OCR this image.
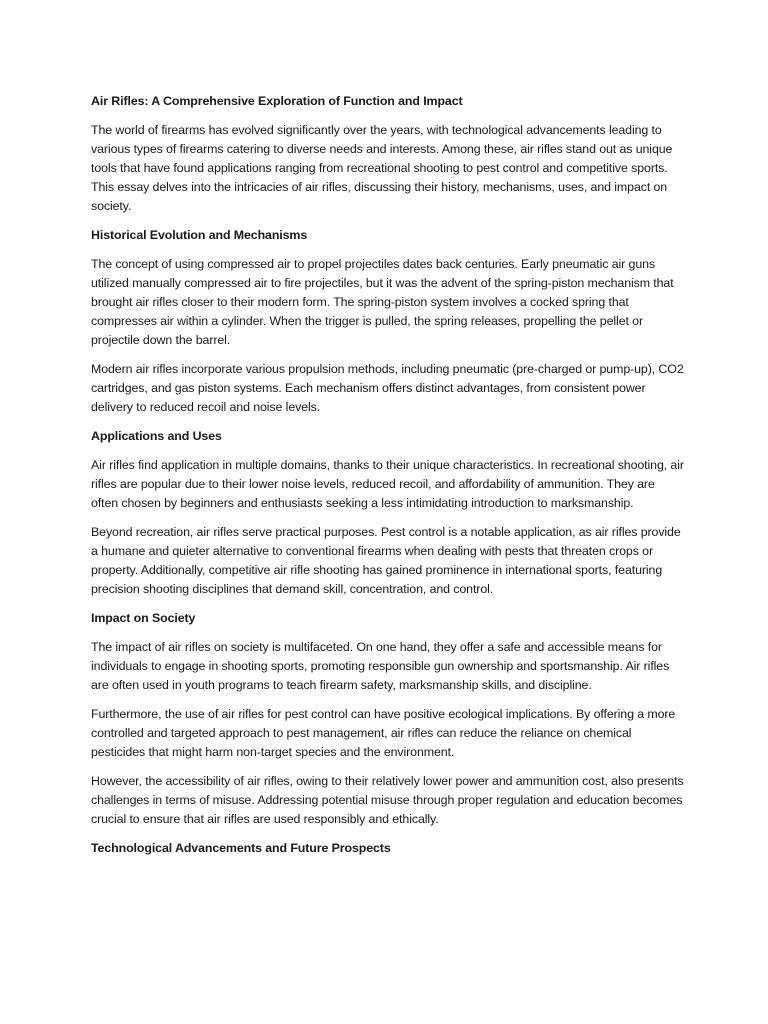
Air Rifles: A Comprehensive Exploration of Function and Impact

The world of firearms has evolved significantly over the years, with technological advancements leading to various types of firearms catering to diverse needs and interests. Among these, air rifles stand out as unique tools that have found applications ranging from recreational shooting to pest control and competitive sports. This essay delves into the intricacies of air rifles, discussing their history, mechanisms, uses, and impact on society.

Historical Evolution and Mechanisms

The concept of using compressed air to propel projectiles dates back centuries. Early pneumatic air guns utilized manually compressed air to fire projectiles, but it was the advent of the spring-piston mechanism that brought air rifles closer to their modern form. The spring-piston system involves a cocked spring that compresses air within a cylinder. When the trigger is pulled, the spring releases, propelling the pellet or projectile down the barrel.

Modern air rifles incorporate various propulsion methods, including pneumatic (pre-charged or pump-up), CO2 cartridges, and gas piston systems. Each mechanism offers distinct advantages, from consistent power delivery to reduced recoil and noise levels.

Applications and Uses

Air rifles find application in multiple domains, thanks to their unique characteristics. In recreational shooting, air rifles are popular due to their lower noise levels, reduced recoil, and affordability of ammunition. They are often chosen by beginners and enthusiasts seeking a less intimidating introduction to marksmanship.

Beyond recreation, air rifles serve practical purposes. Pest control is a notable application, as air rifles provide a humane and quieter alternative to conventional firearms when dealing with pests that threaten crops or property. Additionally, competitive air rifle shooting has gained prominence in international sports, featuring precision shooting disciplines that demand skill, concentration, and control.

Impact on Society

The impact of air rifles on society is multifaceted. On one hand, they offer a safe and accessible means for individuals to engage in shooting sports, promoting responsible gun ownership and sportsmanship. Air rifles are often used in youth programs to teach firearm safety, marksmanship skills, and discipline.

Furthermore, the use of air rifles for pest control can have positive ecological implications. By offering a more controlled and targeted approach to pest management, air rifles can reduce the reliance on chemical pesticides that might harm non-target species and the environment.

However, the accessibility of air rifles, owing to their relatively lower power and ammunition cost, also presents challenges in terms of misuse. Addressing potential misuse through proper regulation and education becomes crucial to ensure that air rifles are used responsibly and ethically.

Technological Advancements and Future Prospects
